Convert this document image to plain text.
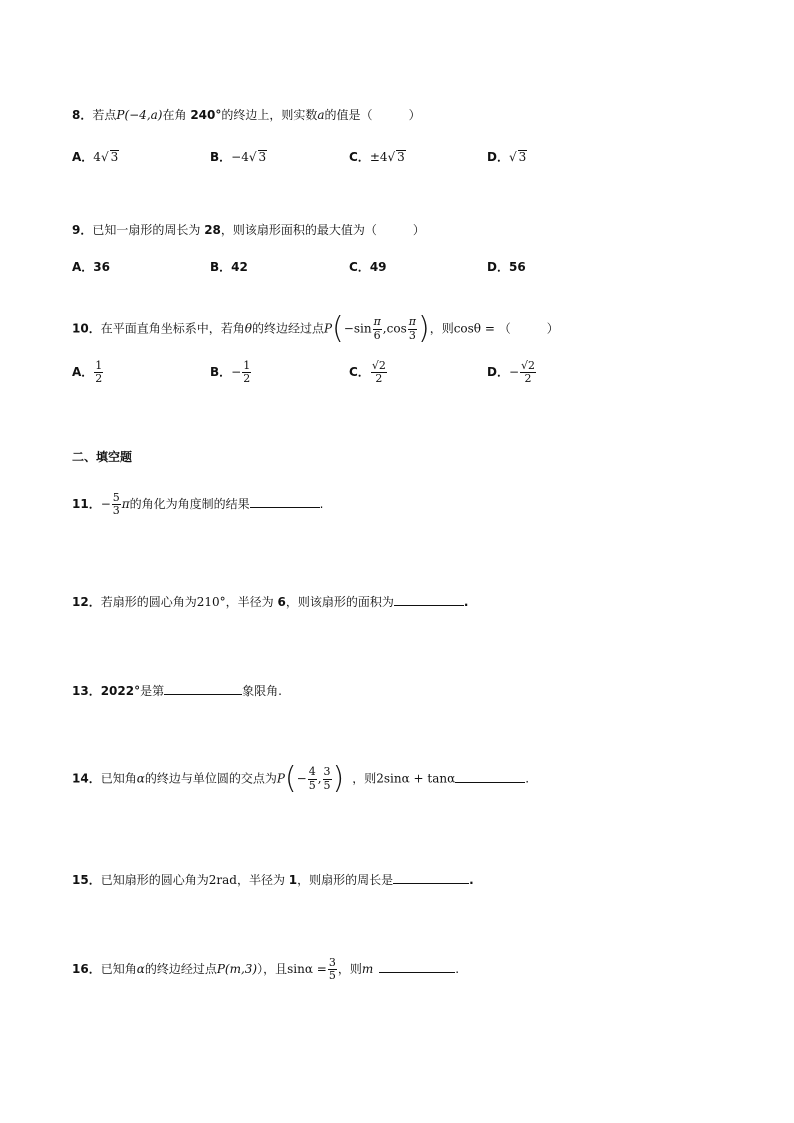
8．若点P(−4,a)在角 240°的终边上，则实数a的值是（	）
A．4√ 3	B．−4√ 3	C．±4√ 3	D．√ 3
9．已知一扇形的周长为 28，则该扇形面积的最大值为（	）
A．36	B．42	C．49	D．56
10．在平面直角坐标系中，若角θ的终边经过点$P(-\sin \frac{\pi}{6} ,\cos \frac{\pi}{3}$ )，则cosθ = （	）
A． $\frac{1}{2}$	B．− $\frac{1}{2}$	C． $\frac{√2}{2}$	D．− $\frac{√2}{2}$
二、填空题
11．− $\frac{5}{3}$ π的角化为角度制的结果	.
12．若扇形的圆心角为210°，半径为 6，则该扇形的面积为	.
13．2022°是第	象限角.
14．已知角α的终边与单位圆的交点为$P(- \frac{4}{5}$ , $\frac{3}{5}$ ) ，则2sinα + tanα	.
15．已知扇形的圆心角为2rad，半径为 1，则扇形的周长是	.
16．已知角α的终边经过点P(m,3)），且$\sin\alpha = \frac{3}{5}$ ，则m	.
